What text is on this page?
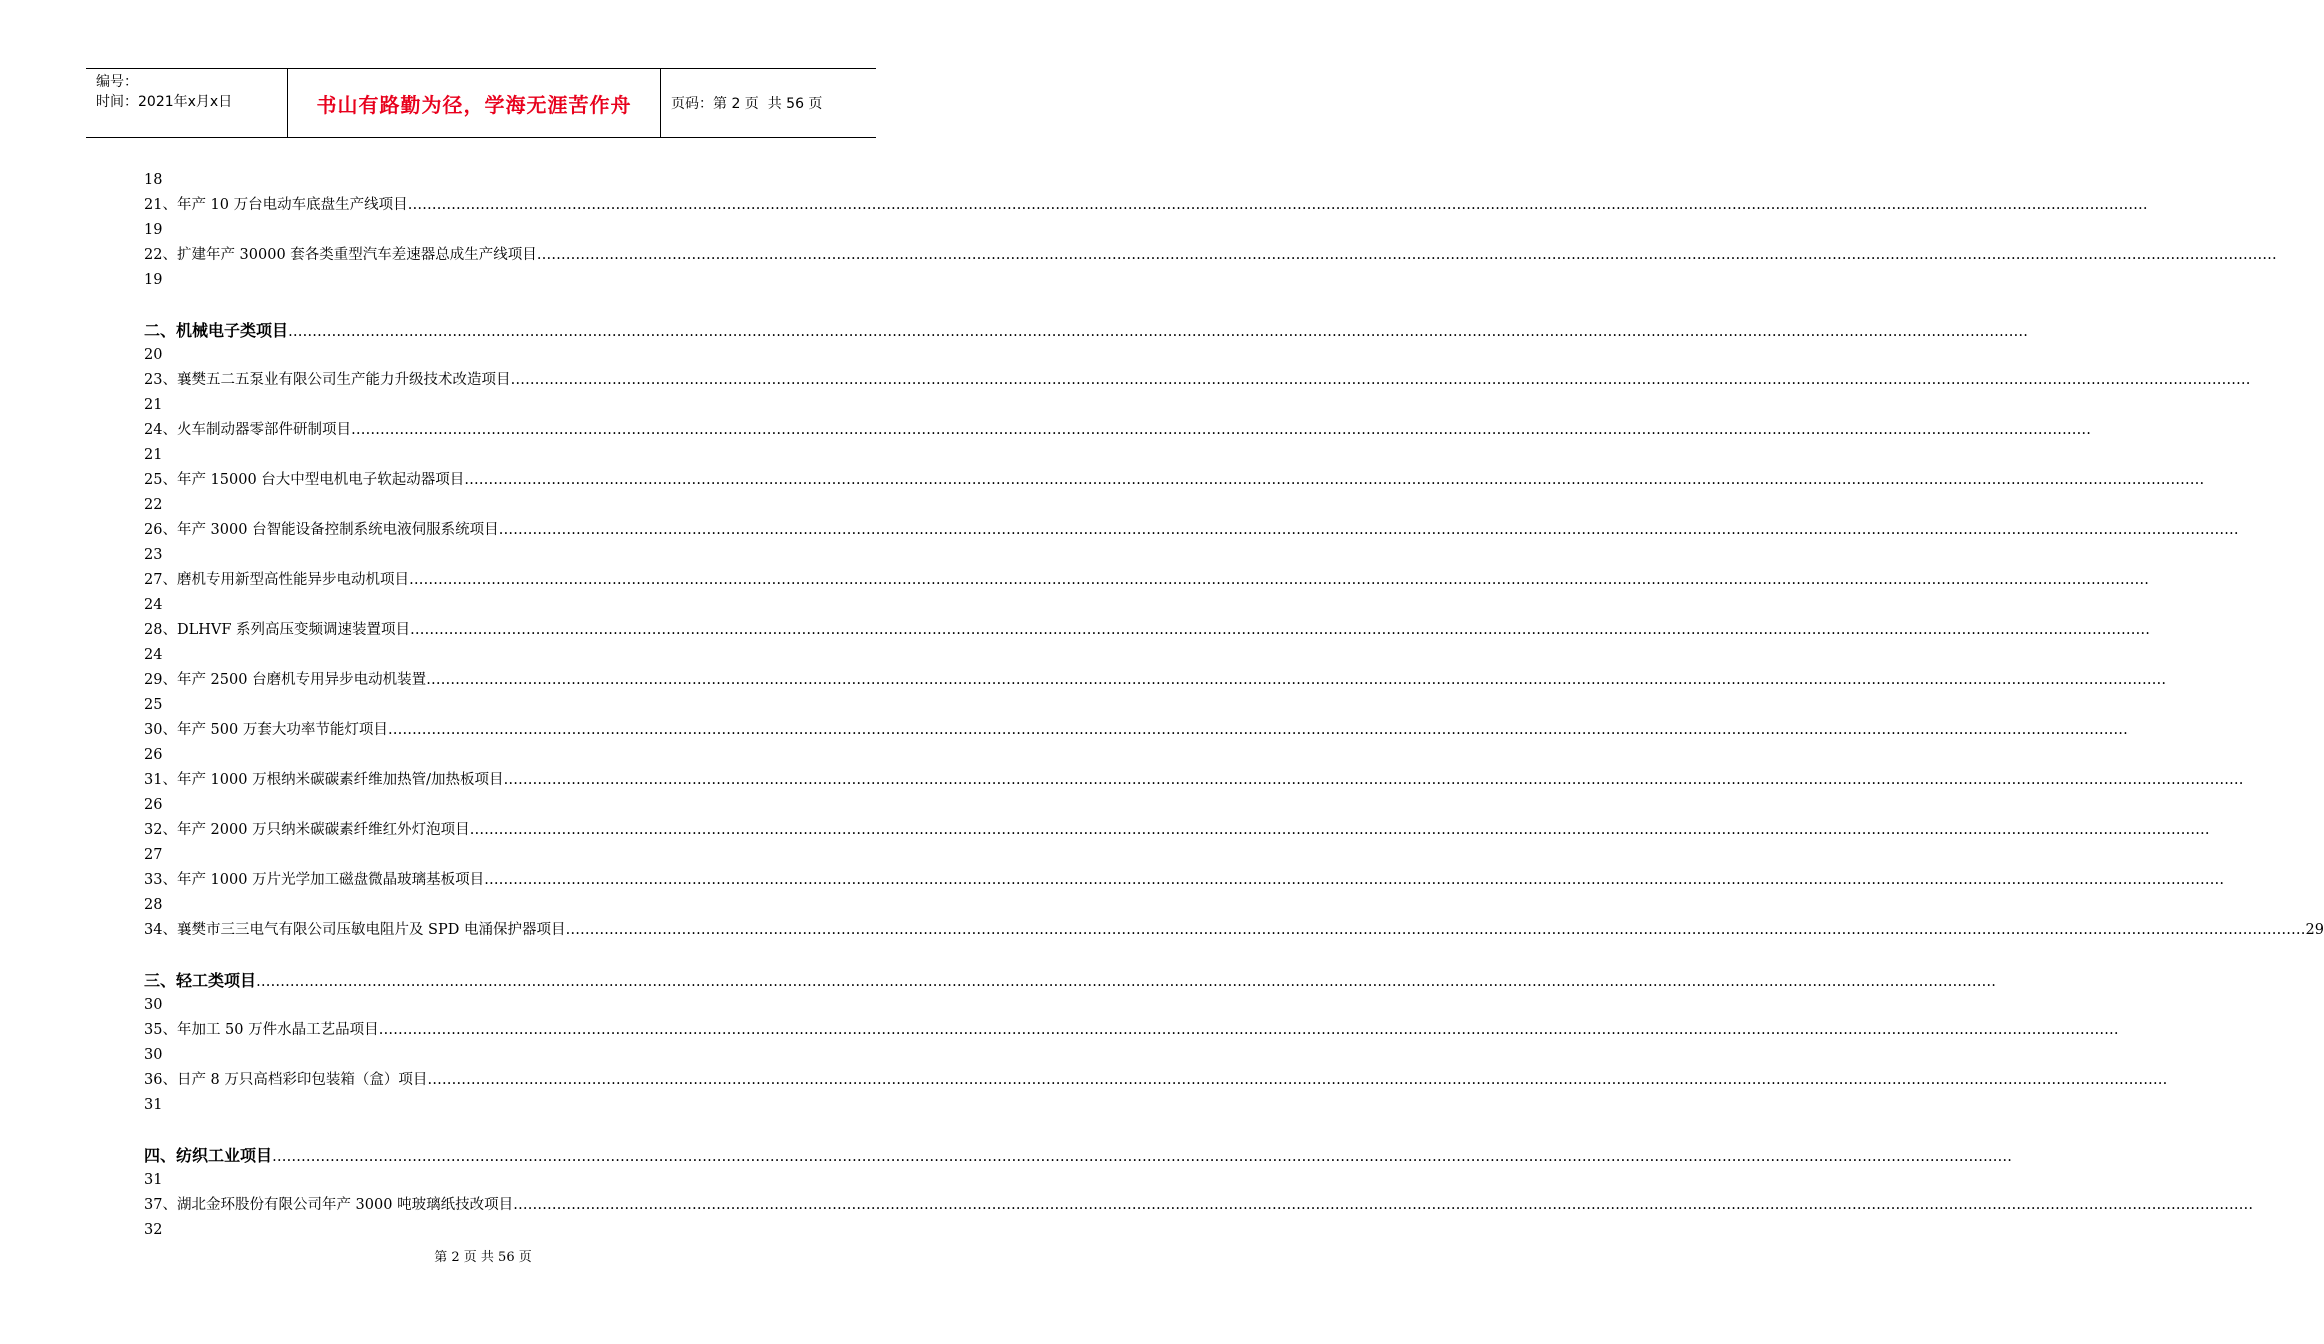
编号：
时间：2021年x月x日	书山有路勤为径，学海无涯苦作舟	页码：第 2 页  共 56 页
18
21、年产 10 万台电动车底盘生产线项目 ………………………………………………………………………………………………………………………………………………………………………………………………………………………………………………………………………………………………………………………………
19
22、扩建年产 30000 套各类重型汽车差速器总成生产线项目 ………………………………………………………………………………………………………………………………………………………………………………………………………………………………………………………………………………………………………………………………
19
二、机械电子类项目 ………………………………………………………………………………………………………………………………………………………………………………………………………………………………………………………………………………………………………………………………
20
23、襄樊五二五泵业有限公司生产能力升级技术改造项目 ………………………………………………………………………………………………………………………………………………………………………………………………………………………………………………………………………………………………………………………………
21
24、火车制动器零部件研制项目 ………………………………………………………………………………………………………………………………………………………………………………………………………………………………………………………………………………………………………………………………
21
25、年产 15000 台大中型电机电子软起动器项目 ………………………………………………………………………………………………………………………………………………………………………………………………………………………………………………………………………………………………………………………………
22
26、年产 3000 台智能设备控制系统电液伺服系统项目 ………………………………………………………………………………………………………………………………………………………………………………………………………………………………………………………………………………………………………………………………
23
27、磨机专用新型高性能异步电动机项目 ………………………………………………………………………………………………………………………………………………………………………………………………………………………………………………………………………………………………………………………………
24
28、DLHVF 系列高压变频调速装置项目 ………………………………………………………………………………………………………………………………………………………………………………………………………………………………………………………………………………………………………………………………
24
29、年产 2500 台磨机专用异步电动机装置 ………………………………………………………………………………………………………………………………………………………………………………………………………………………………………………………………………………………………………………………………
25
30、年产 500 万套大功率节能灯项目 ………………………………………………………………………………………………………………………………………………………………………………………………………………………………………………………………………………………………………………………………
26
31、年产 1000 万根纳米碳碳素纤维加热管/加热板项目 ………………………………………………………………………………………………………………………………………………………………………………………………………………………………………………………………………………………………………………………………
26
32、年产 2000 万只纳米碳碳素纤维红外灯泡项目 ………………………………………………………………………………………………………………………………………………………………………………………………………………………………………………………………………………………………………………………………
27
33、年产 1000 万片光学加工磁盘微晶玻璃基板项目 ………………………………………………………………………………………………………………………………………………………………………………………………………………………………………………………………………………………………………………………………
28
34、襄樊市三三电气有限公司压敏电阻片及 SPD 电涌保护器项目 ……………………………………………………………………………………………………………………………………………………………………………………………………………………………………………………………………………………………………………………………… 29
三、轻工类项目 ………………………………………………………………………………………………………………………………………………………………………………………………………………………………………………………………………………………………………………………………
30
35、年加工 50 万件水晶工艺品项目 ………………………………………………………………………………………………………………………………………………………………………………………………………………………………………………………………………………………………………………………………
30
36、日产 8 万只高档彩印包装箱（盒）项目 ………………………………………………………………………………………………………………………………………………………………………………………………………………………………………………………………………………………………………………………………
31
四、纺织工业项目 ………………………………………………………………………………………………………………………………………………………………………………………………………………………………………………………………………………………………………………………………
31
37、湖北金环股份有限公司年产 3000 吨玻璃纸技改项目 ………………………………………………………………………………………………………………………………………………………………………………………………………………………………………………………………………………………………………………………………
32
第 2 页 共 56 页
